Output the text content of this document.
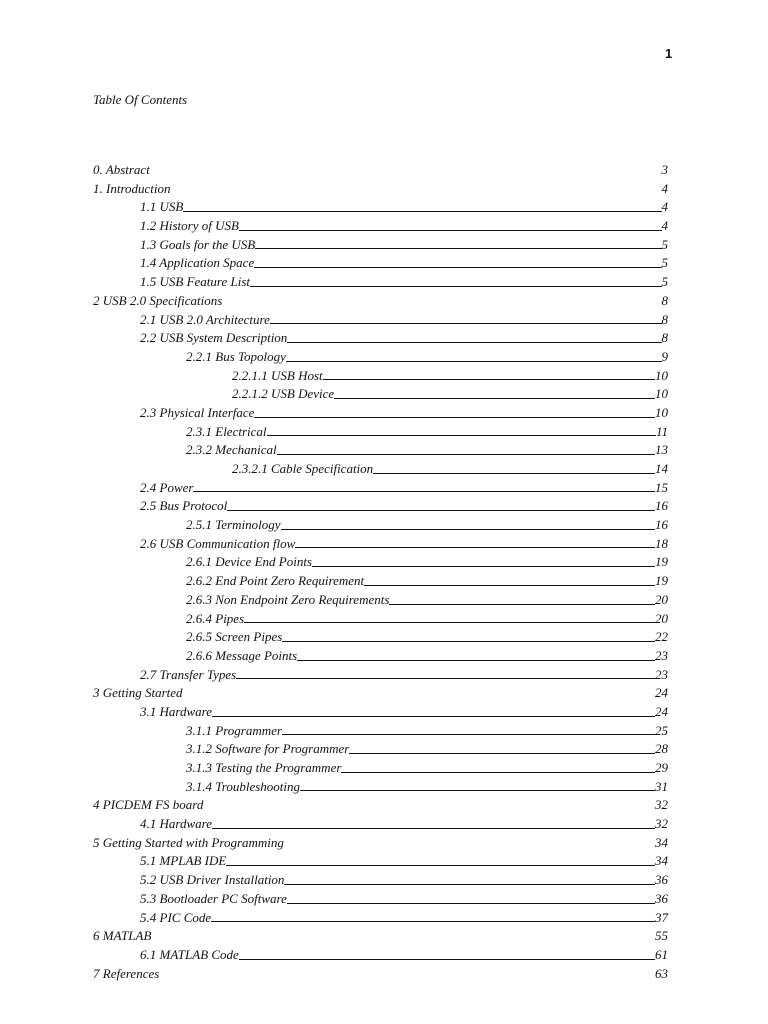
1
Table Of Contents
0. Abstract	3
1. Introduction	4
1.1 USB	4
1.2 History of USB	4
1.3 Goals for the USB	5
1.4 Application Space	5
1.5 USB Feature List	5
2 USB 2.0 Specifications	8
2.1 USB 2.0 Architecture	8
2.2 USB System Description	8
2.2.1 Bus Topology	9
2.2.1.1 USB Host	10
2.2.1.2 USB Device	10
2.3 Physical Interface	10
2.3.1 Electrical	11
2.3.2 Mechanical	13
2.3.2.1 Cable Specification	14
2.4 Power	15
2.5 Bus Protocol	16
2.5.1 Terminology	16
2.6 USB Communication flow	18
2.6.1 Device End Points	19
2.6.2 End Point Zero Requirement	19
2.6.3 Non Endpoint Zero Requirements	20
2.6.4 Pipes	20
2.6.5 Screen Pipes	22
2.6.6 Message Points	23
2.7 Transfer Types	23
3 Getting Started	24
3.1 Hardware	24
3.1.1 Programmer	25
3.1.2 Software for Programmer	28
3.1.3 Testing the Programmer	29
3.1.4 Troubleshooting	31
4 PICDEM FS board	32
4.1 Hardware	32
5 Getting Started with Programming	34
5.1 MPLAB IDE	34
5.2 USB Driver Installation	36
5.3 Bootloader PC Software	36
5.4 PIC Code	37
6 MATLAB	55
6.1 MATLAB Code	61
7 References	63
